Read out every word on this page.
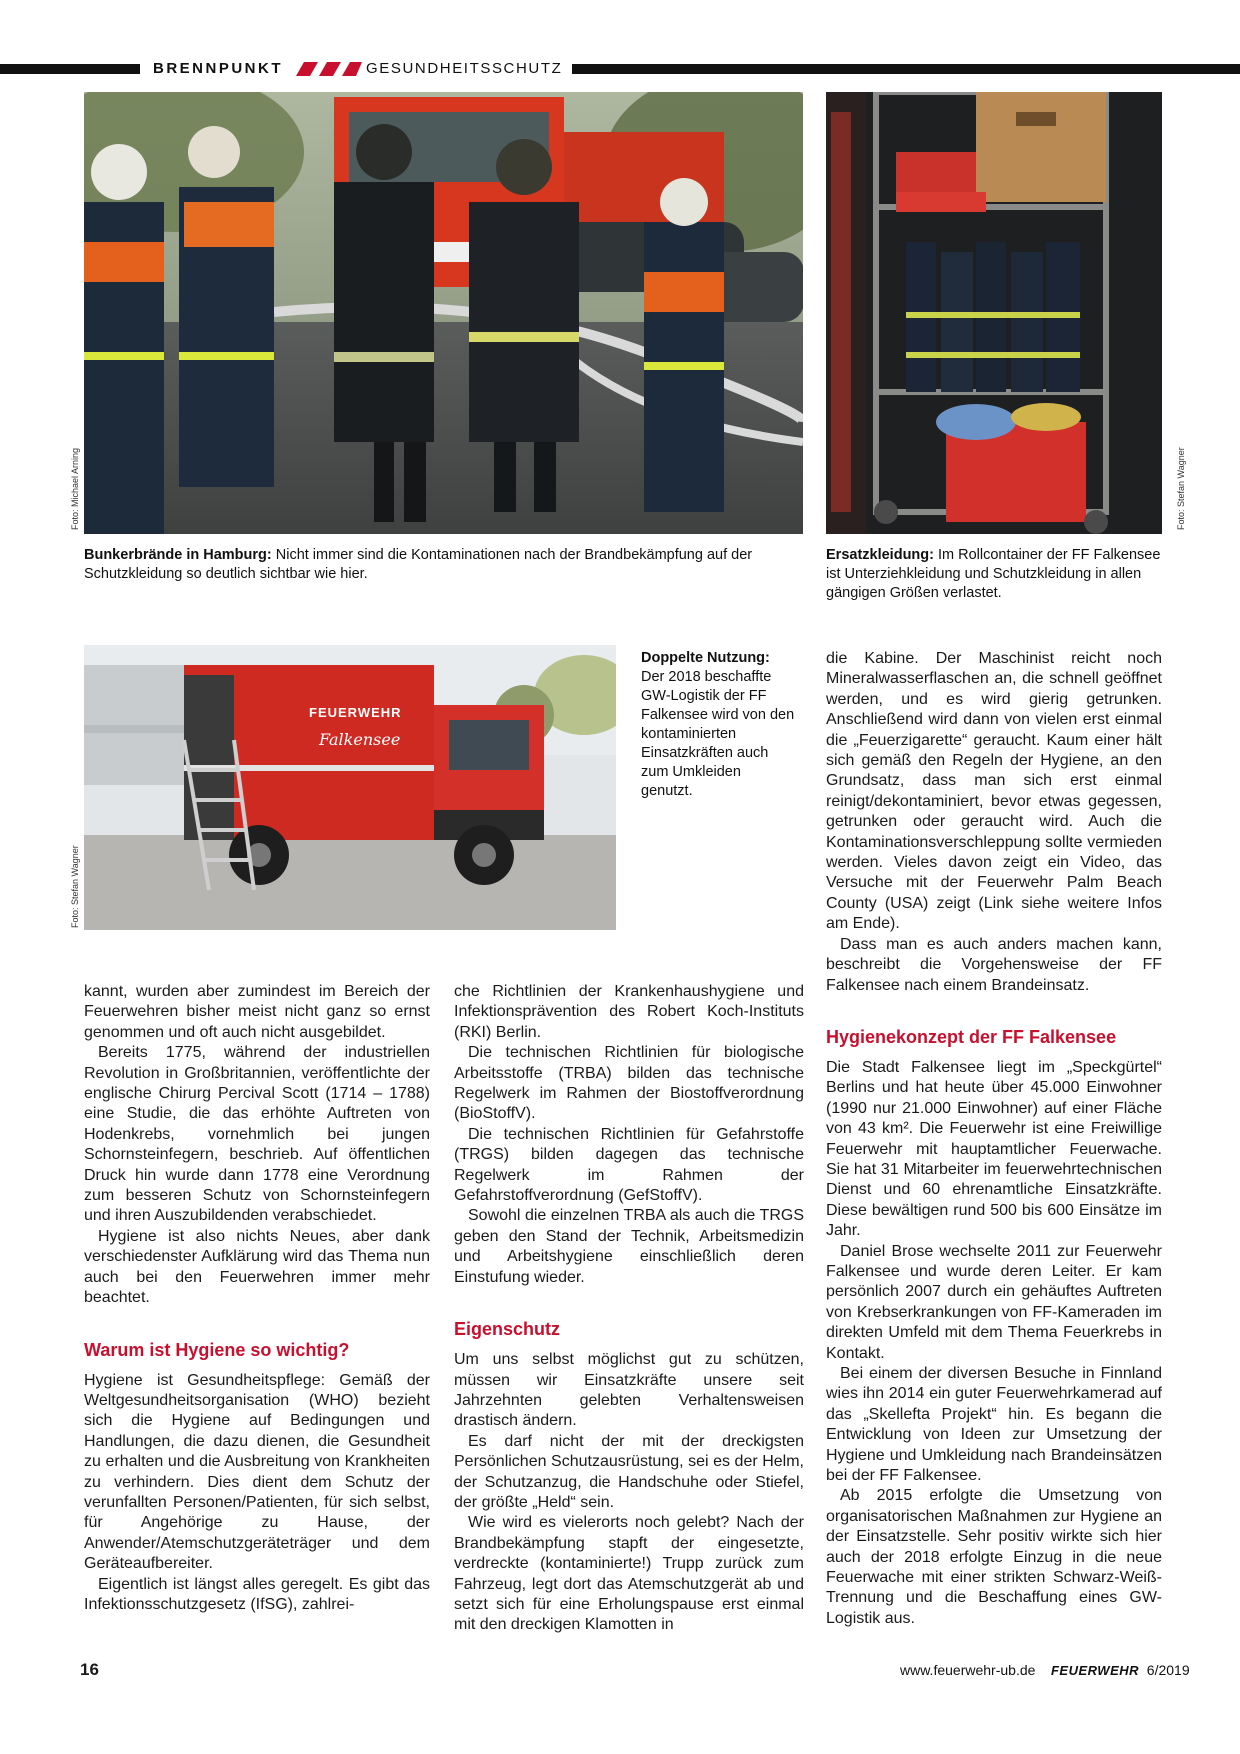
BRENNPUNKT	GESUNDHEITSSCHUTZ
Foto: Michael Arning	Foto: Stefan Wagner
Bunkerbrände in Hamburg: Nicht immer sind die Kontaminationen nach der Brandbekämpfung auf der Schutzkleidung so deutlich sichtbar wie hier.
Ersatzkleidung: Im Rollcontainer der FF Falkensee ist Unterziehkleidung und Schutzkleidung in allen gängigen Größen verlastet.
FEUERWEHR
Falkensee
Foto: Stefan Wagner
Doppelte Nutzung:
Der 2018 beschaffte GW-Logistik der FF Falkensee wird von den kontaminierten Einsatzkräften auch zum Umkleiden genutzt.

kannt, wurden aber zumindest im Bereich der Feuerwehren bisher meist nicht ganz so ernst genommen und oft auch nicht ausgebildet.

Bereits 1775, während der industriellen Revolution in Großbritannien, veröffentlichte der englische Chirurg Percival Scott (1714 – 1788) eine Studie, die das erhöhte Auftreten von Hodenkrebs, vornehmlich bei jungen Schornsteinfegern, beschrieb. Auf öffentlichen Druck hin wurde dann 1778 eine Verordnung zum besseren Schutz von Schornsteinfegern und ihren Auszubildenden verabschiedet.

Hygiene ist also nichts Neues, aber dank verschiedenster Aufklärung wird das Thema nun auch bei den Feuerwehren immer mehr beachtet.

Warum ist Hygiene so wichtig?

Hygiene ist Gesundheitspflege: Gemäß der Weltgesundheitsorganisation (WHO) bezieht sich die Hygiene auf Bedingungen und Handlungen, die dazu dienen, die Gesundheit zu erhalten und die Ausbreitung von Krankheiten zu verhindern. Dies dient dem Schutz der verunfallten Personen/Patienten, für sich selbst, für Angehörige zu Hause, der Anwender/Atemschutzgeräteträger und dem Geräteaufbereiter.

Eigentlich ist längst alles geregelt. Es gibt das Infektionsschutzgesetz (IfSG), zahlrei-

che Richtlinien der Krankenhaushygiene und Infektionsprävention des Robert Koch-Instituts (RKI) Berlin.

Die technischen Richtlinien für biologische Arbeitsstoffe (TRBA) bilden das technische Regelwerk im Rahmen der Biostoffverordnung (BioStoffV).

Die technischen Richtlinien für Gefahrstoffe (TRGS) bilden dagegen das technische Regelwerk im Rahmen der Gefahrstoffverordnung (GefStoffV).

Sowohl die einzelnen TRBA als auch die TRGS geben den Stand der Technik, Arbeitsmedizin und Arbeitshygiene einschließlich deren Einstufung wieder.

Eigenschutz

Um uns selbst möglichst gut zu schützen, müssen wir Einsatzkräfte unsere seit Jahrzehnten gelebten Verhaltensweisen drastisch ändern.

Es darf nicht der mit der dreckigsten Persönlichen Schutzausrüstung, sei es der Helm, der Schutzanzug, die Handschuhe oder Stiefel, der größte „Held“ sein.

Wie wird es vielerorts noch gelebt? Nach der Brandbekämpfung stapft der eingesetzte, verdreckte (kontaminierte!) Trupp zurück zum Fahrzeug, legt dort das Atemschutzgerät ab und setzt sich für eine Erholungspause erst einmal mit den dreckigen Klamotten in

die Kabine. Der Maschinist reicht noch Mineralwasserflaschen an, die schnell geöffnet werden, und es wird gierig getrunken. Anschließend wird dann von vielen erst einmal die „Feuerzigarette“ geraucht. Kaum einer hält sich gemäß den Regeln der Hygiene, an den Grundsatz, dass man sich erst einmal reinigt/dekontaminiert, bevor etwas gegessen, getrunken oder geraucht wird. Auch die Kontaminationsverschleppung sollte vermieden werden. Vieles davon zeigt ein Video, das Versuche mit der Feuerwehr Palm Beach County (USA) zeigt (Link siehe weitere Infos am Ende).

Dass man es auch anders machen kann, beschreibt die Vorgehensweise der FF Falkensee nach einem Brandeinsatz.

Hygienekonzept der FF Falkensee

Die Stadt Falkensee liegt im „Speckgürtel“ Berlins und hat heute über 45.000 Einwohner (1990 nur 21.000 Einwohner) auf einer Fläche von 43 km². Die Feuerwehr ist eine Freiwillige Feuerwehr mit hauptamtlicher Feuerwache. Sie hat 31 Mitarbeiter im feuerwehrtechnischen Dienst und 60 ehrenamtliche Einsatzkräfte. Diese bewältigen rund 500 bis 600 Einsätze im Jahr.

Daniel Brose wechselte 2011 zur Feuerwehr Falkensee und wurde deren Leiter. Er kam persönlich 2007 durch ein gehäuftes Auftreten von Krebserkrankungen von FF-Kameraden im direkten Umfeld mit dem Thema Feuerkrebs in Kontakt.

Bei einem der diversen Besuche in Finnland wies ihn 2014 ein guter Feuerwehrkamerad auf das „Skellefta Projekt“ hin. Es begann die Entwicklung von Ideen zur Umsetzung der Hygiene und Umkleidung nach Brandeinsätzen bei der FF Falkensee.

Ab 2015 erfolgte die Umsetzung von organisatorischen Maßnahmen zur Hygiene an der Einsatzstelle. Sehr positiv wirkte sich hier auch der 2018 erfolgte Einzug in die neue Feuerwache mit einer strikten Schwarz-Weiß-Trennung und die Beschaffung eines GW-Logistik aus.

16	www.feuerwehr-ub.de FEUERWEHR 6/2019
